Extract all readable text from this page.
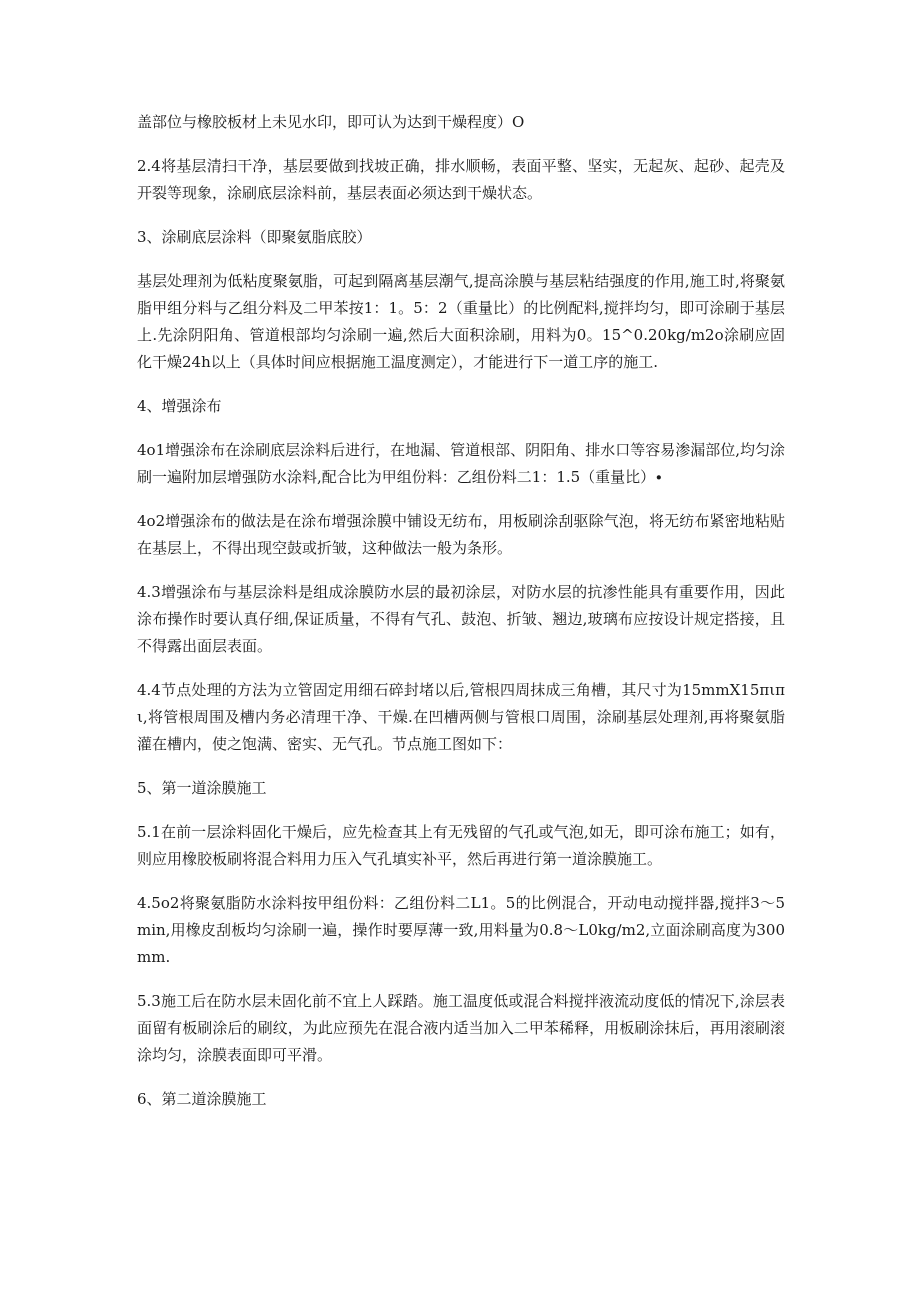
盖部位与橡胶板材上未见水印，即可认为达到干燥程度）O

2.4将基层清扫干净，基层要做到找坡正确，排水顺畅，表面平整、坚实，无起灰、起砂、起壳及开裂等现象，涂刷底层涂料前，基层表面必须达到干燥状态。

3、涂刷底层涂料（即聚氨脂底胶）

基层处理剂为低粘度聚氨脂，可起到隔离基层潮气,提高涂膜与基层粘结强度的作用,施工时,将聚氨脂甲组分料与乙组分料及二甲苯按1：1。5：2（重量比）的比例配料,搅拌均匀，即可涂刷于基层上.先涂阴阳角、管道根部均匀涂刷一遍,然后大面积涂刷，用料为0。15^0.20kg∕m2o涂刷应固化干燥24h以上（具体时间应根据施工温度测定），才能进行下一道工序的施工.

4、增强涂布

4o1增强涂布在涂刷底层涂料后进行，在地漏、管道根部、阴阳角、排水口等容易渗漏部位,均匀涂刷一遍附加层增强防水涂料,配合比为甲组份料：乙组份料二1：1.5（重量比）∙

4o2增强涂布的做法是在涂布增强涂膜中铺设无纺布，用板刷涂刮驱除气泡，将无纺布紧密地粘贴在基层上，不得出现空鼓或折皱，这种做法一般为条形。

4.3增强涂布与基层涂料是组成涂膜防水层的最初涂层，对防水层的抗渗性能具有重要作用，因此涂布操作时要认真仔细,保证质量，不得有气孔、鼓泡、折皱、翘边,玻璃布应按设计规定搭接，且不得露出面层表面。

4.4节点处理的方法为立管固定用细石碎封堵以后,管根四周抹成三角槽，其尺寸为15mmX15πιπι,将管根周围及槽内务必清理干净、干燥.在凹槽两侧与管根口周围，涂刷基层处理剂,再将聚氨脂灌在槽内，使之饱满、密实、无气孔。节点施工图如下：

5、第一道涂膜施工

5.1在前一层涂料固化干燥后，应先检查其上有无残留的气孔或气泡,如无，即可涂布施工；如有，则应用橡胶板刷将混合料用力压入气孔填实补平，然后再进行第一道涂膜施工。

4.5o2将聚氨脂防水涂料按甲组份料：乙组份料二L1。5的比例混合，开动电动搅拌器,搅拌3～5min,用橡皮刮板均匀涂刷一遍，操作时要厚薄一致,用料量为0.8～L0kg∕m2,立面涂刷高度为300mm.

5.3施工后在防水层未固化前不宜上人踩踏。施工温度低或混合料搅拌液流动度低的情况下,涂层表面留有板刷涂后的刷纹，为此应预先在混合液内适当加入二甲苯稀释，用板刷涂抹后，再用滚刷滚涂均匀，涂膜表面即可平滑。

6、第二道涂膜施工
